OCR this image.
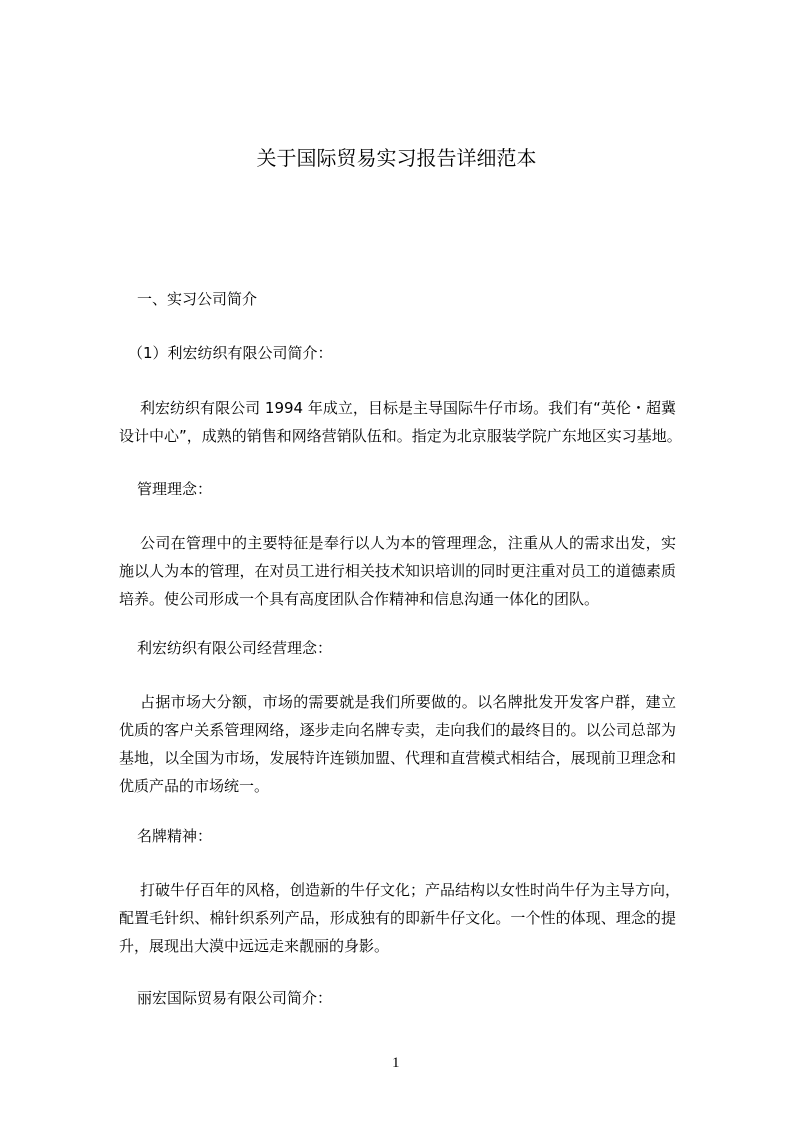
关于国际贸易实习报告详细范本
一、实习公司简介
（1）利宏纺织有限公司简介：
利宏纺织有限公司 1994 年成立，目标是主导国际牛仔市场。我们有“英伦・超冀
设计中心”，成熟的销售和网络营销队伍和。指定为北京服装学院广东地区实习基地。
管理理念：
公司在管理中的主要特征是奉行以人为本的管理理念，注重从人的需求出发，实
施以人为本的管理，在对员工进行相关技术知识培训的同时更注重对员工的道德素质
培养。使公司形成一个具有高度团队合作精神和信息沟通一体化的团队。
利宏纺织有限公司经营理念：
占据市场大分额，市场的需要就是我们所要做的。以名牌批发开发客户群，建立
优质的客户关系管理网络，逐步走向名牌专卖，走向我们的最终目的。以公司总部为
基地，以全国为市场，发展特许连锁加盟、代理和直营模式相结合，展现前卫理念和
优质产品的市场统一。
名牌精神：
打破牛仔百年的风格，创造新的牛仔文化；产品结构以女性时尚牛仔为主导方向，
配置毛针织、棉针织系列产品，形成独有的即新牛仔文化。一个性的体现、理念的提
升，展现出大漠中远远走来靓丽的身影。
丽宏国际贸易有限公司简介：
1
